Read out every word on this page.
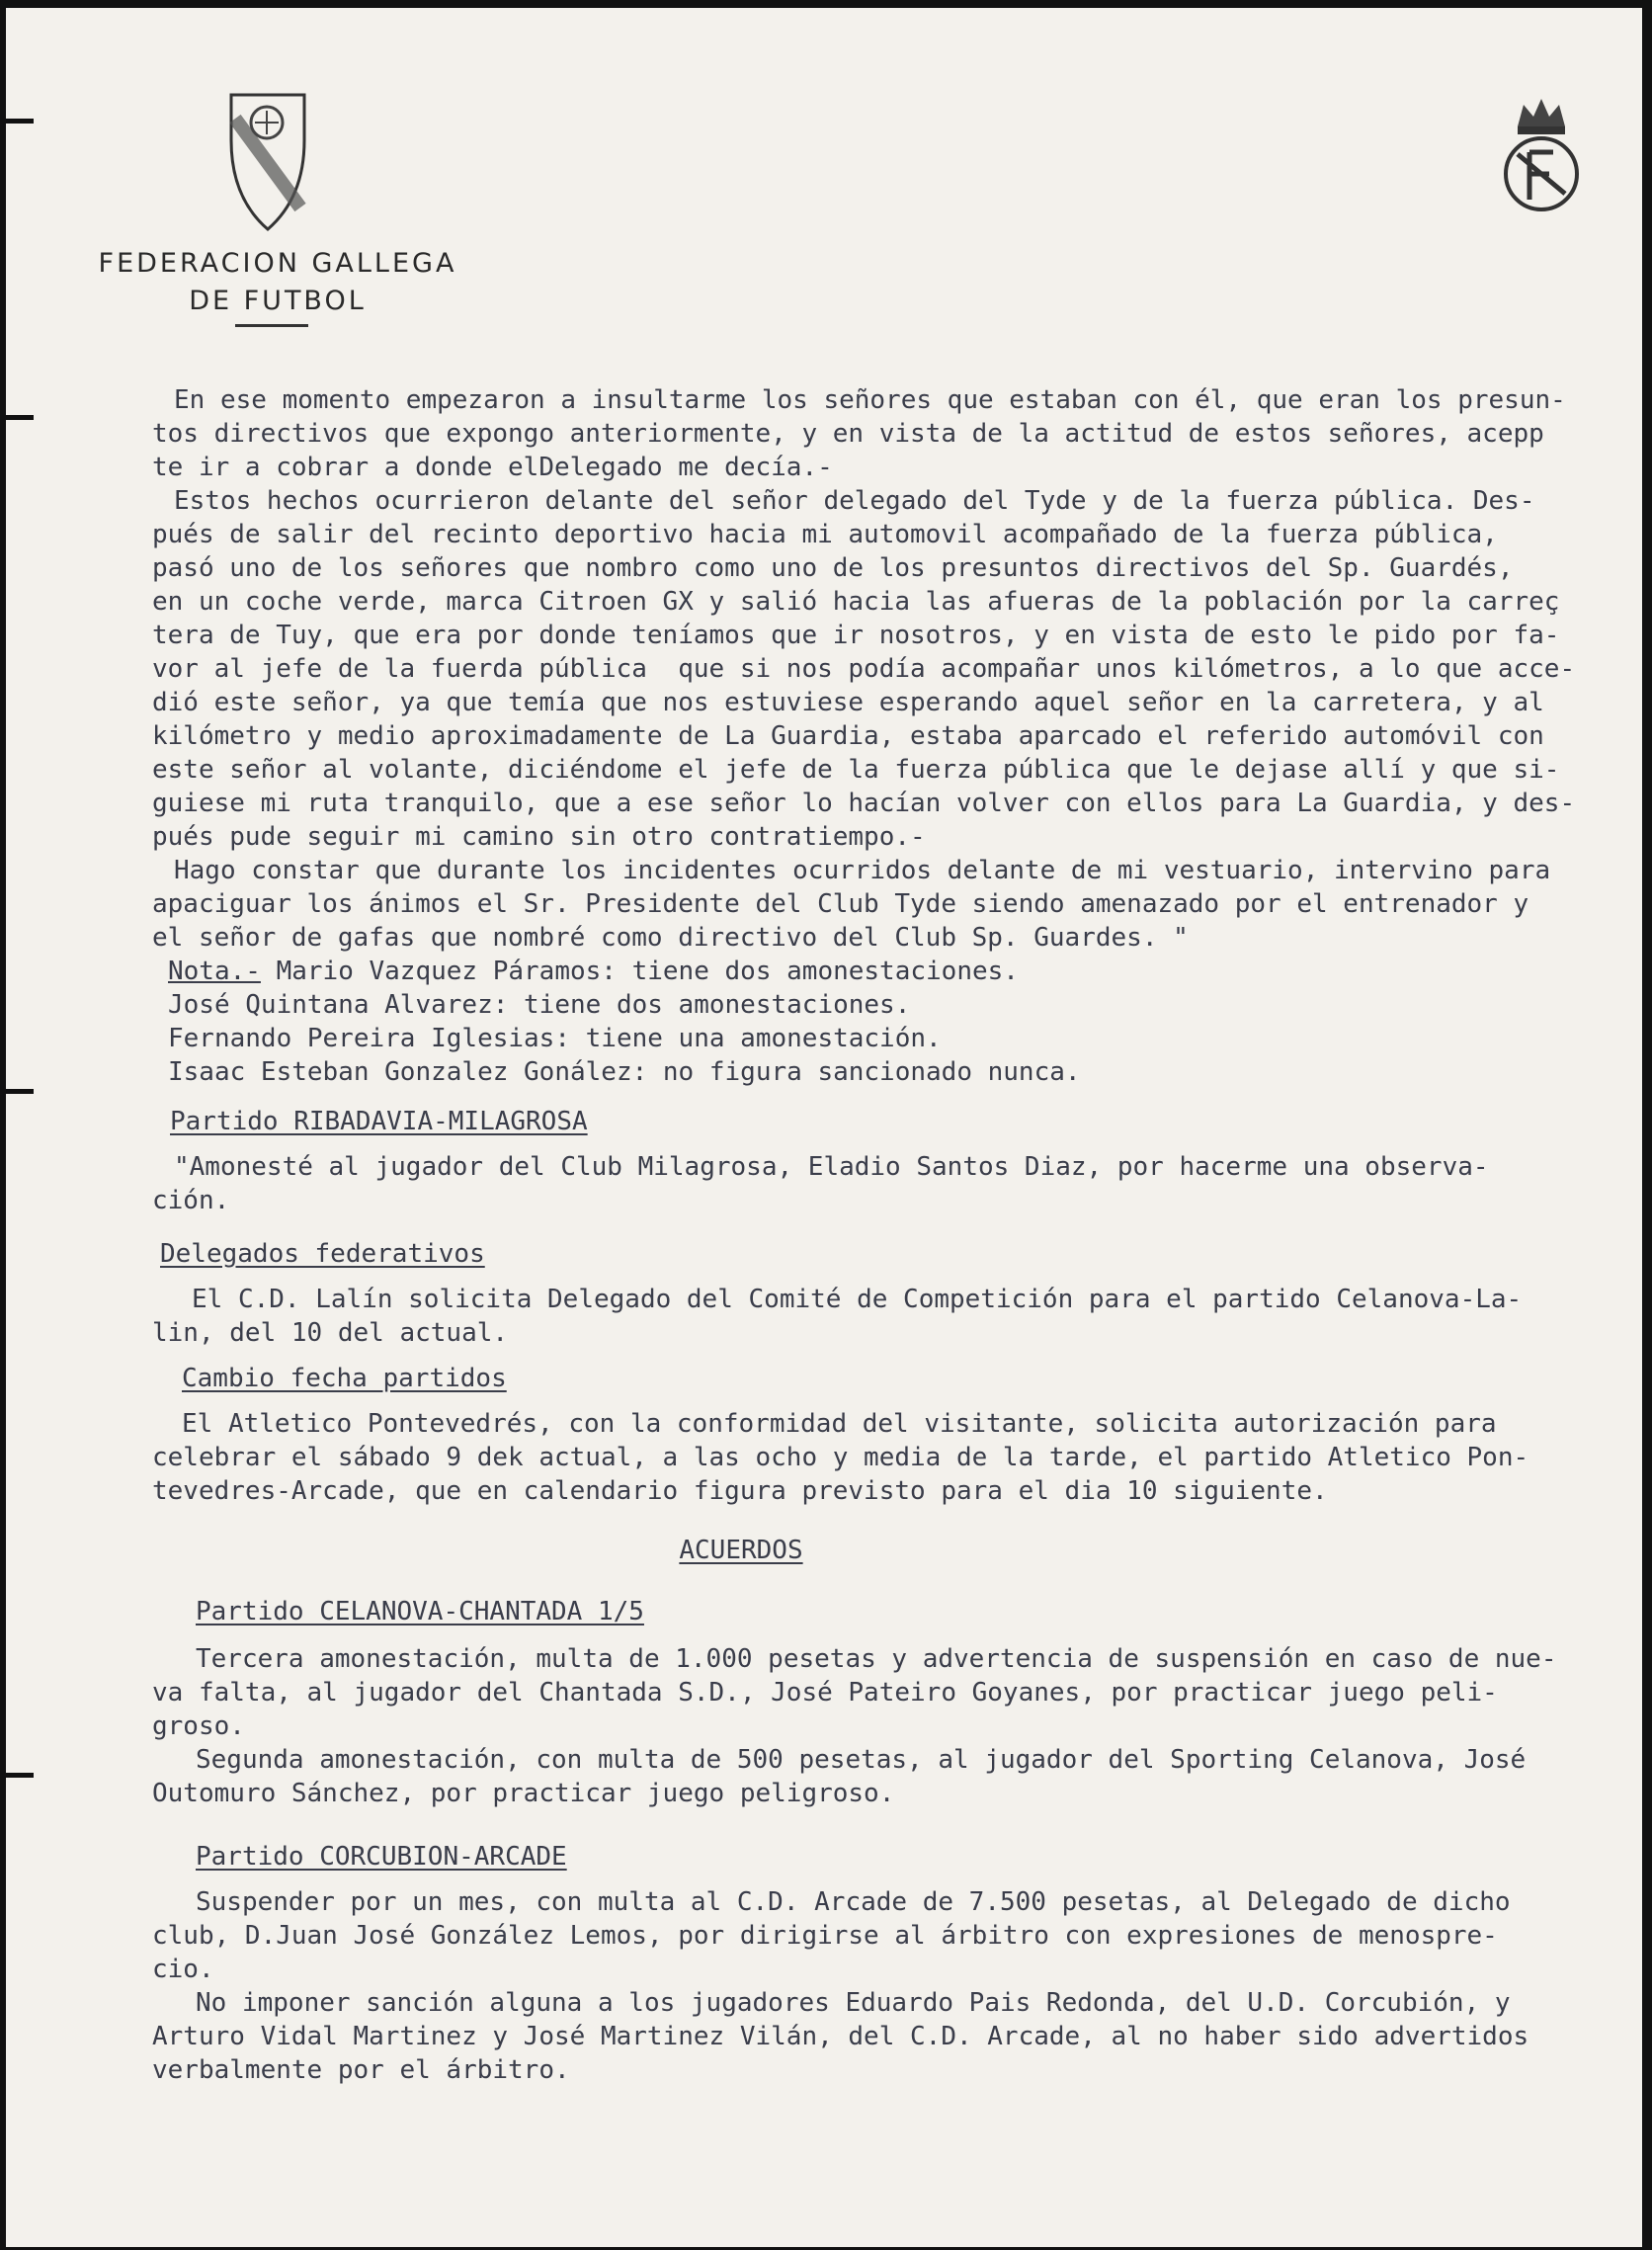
FEDERACION GALLEGA
DE FUTBOL

En ese momento empezaron a insultarme los señores que estaban con él, que eran los presun-
tos directivos que expongo anteriormente, y en vista de la actitud de estos señores, acepp
te ir a cobrar a donde elDelegado me decía.-

Estos hechos ocurrieron delante del señor delegado del Tyde y de la fuerza pública. Des-
pués de salir del recinto deportivo hacia mi automovil acompañado de la fuerza pública,
pasó uno de los señores que nombro como uno de los presuntos directivos del Sp. Guardés,
en un coche verde, marca Citroen GX y salió hacia las afueras de la población por la carreç
tera de Tuy, que era por donde teníamos que ir nosotros, y en vista de esto le pido por fa-
vor al jefe de la fuerda pública  que si nos podía acompañar unos kilómetros, a lo que acce-
dió este señor, ya que temía que nos estuviese esperando aquel señor en la carretera, y al
kilómetro y medio aproximadamente de La Guardia, estaba aparcado el referido automóvil con
este señor al volante, diciéndome el jefe de la fuerza pública que le dejase allí y que si-
guiese mi ruta tranquilo, que a ese señor lo hacían volver con ellos para La Guardia, y des-
pués pude seguir mi camino sin otro contratiempo.-

Hago constar que durante los incidentes ocurridos delante de mi vestuario, intervino para
apaciguar los ánimos el Sr. Presidente del Club Tyde siendo amenazado por el entrenador y
el señor de gafas que nombré como directivo del Club Sp. Guardes. "

Nota.- Mario Vazquez Páramos: tiene dos amonestaciones.
José Quintana Alvarez: tiene dos amonestaciones.
Fernando Pereira Iglesias: tiene una amonestación.
Isaac Esteban Gonzalez Gonález: no figura sancionado nunca.

Partido RIBADAVIA-MILAGROSA

"Amonesté al jugador del Club Milagrosa, Eladio Santos Diaz, por hacerme una observa-
ción.

Delegados federativos

El C.D. Lalín solicita Delegado del Comité de Competición para el partido Celanova-La-
lin, del 10 del actual.

Cambio fecha partidos

El Atletico Pontevedrés, con la conformidad del visitante, solicita autorización para
celebrar el sábado 9 dek actual, a las ocho y media de la tarde, el partido Atletico Pon-
tevedres-Arcade, que en calendario figura previsto para el dia 10 siguiente.

ACUERDOS
Partido CELANOVA-CHANTADA 1/5

Tercera amonestación, multa de 1.000 pesetas y advertencia de suspensión en caso de nue-
va falta, al jugador del Chantada S.D., José Pateiro Goyanes, por practicar juego peli-
groso.

Segunda amonestación, con multa de 500 pesetas, al jugador del Sporting Celanova, José
Outomuro Sánchez, por practicar juego peligroso.

Partido CORCUBION-ARCADE

Suspender por un mes, con multa al C.D. Arcade de 7.500 pesetas, al Delegado de dicho
club, D.Juan José González Lemos, por dirigirse al árbitro con expresiones de menospre-
cio.

No imponer sanción alguna a los jugadores Eduardo Pais Redonda, del U.D. Corcubión, y
Arturo Vidal Martinez y José Martinez Vilán, del C.D. Arcade, al no haber sido advertidos
verbalmente por el árbitro.
